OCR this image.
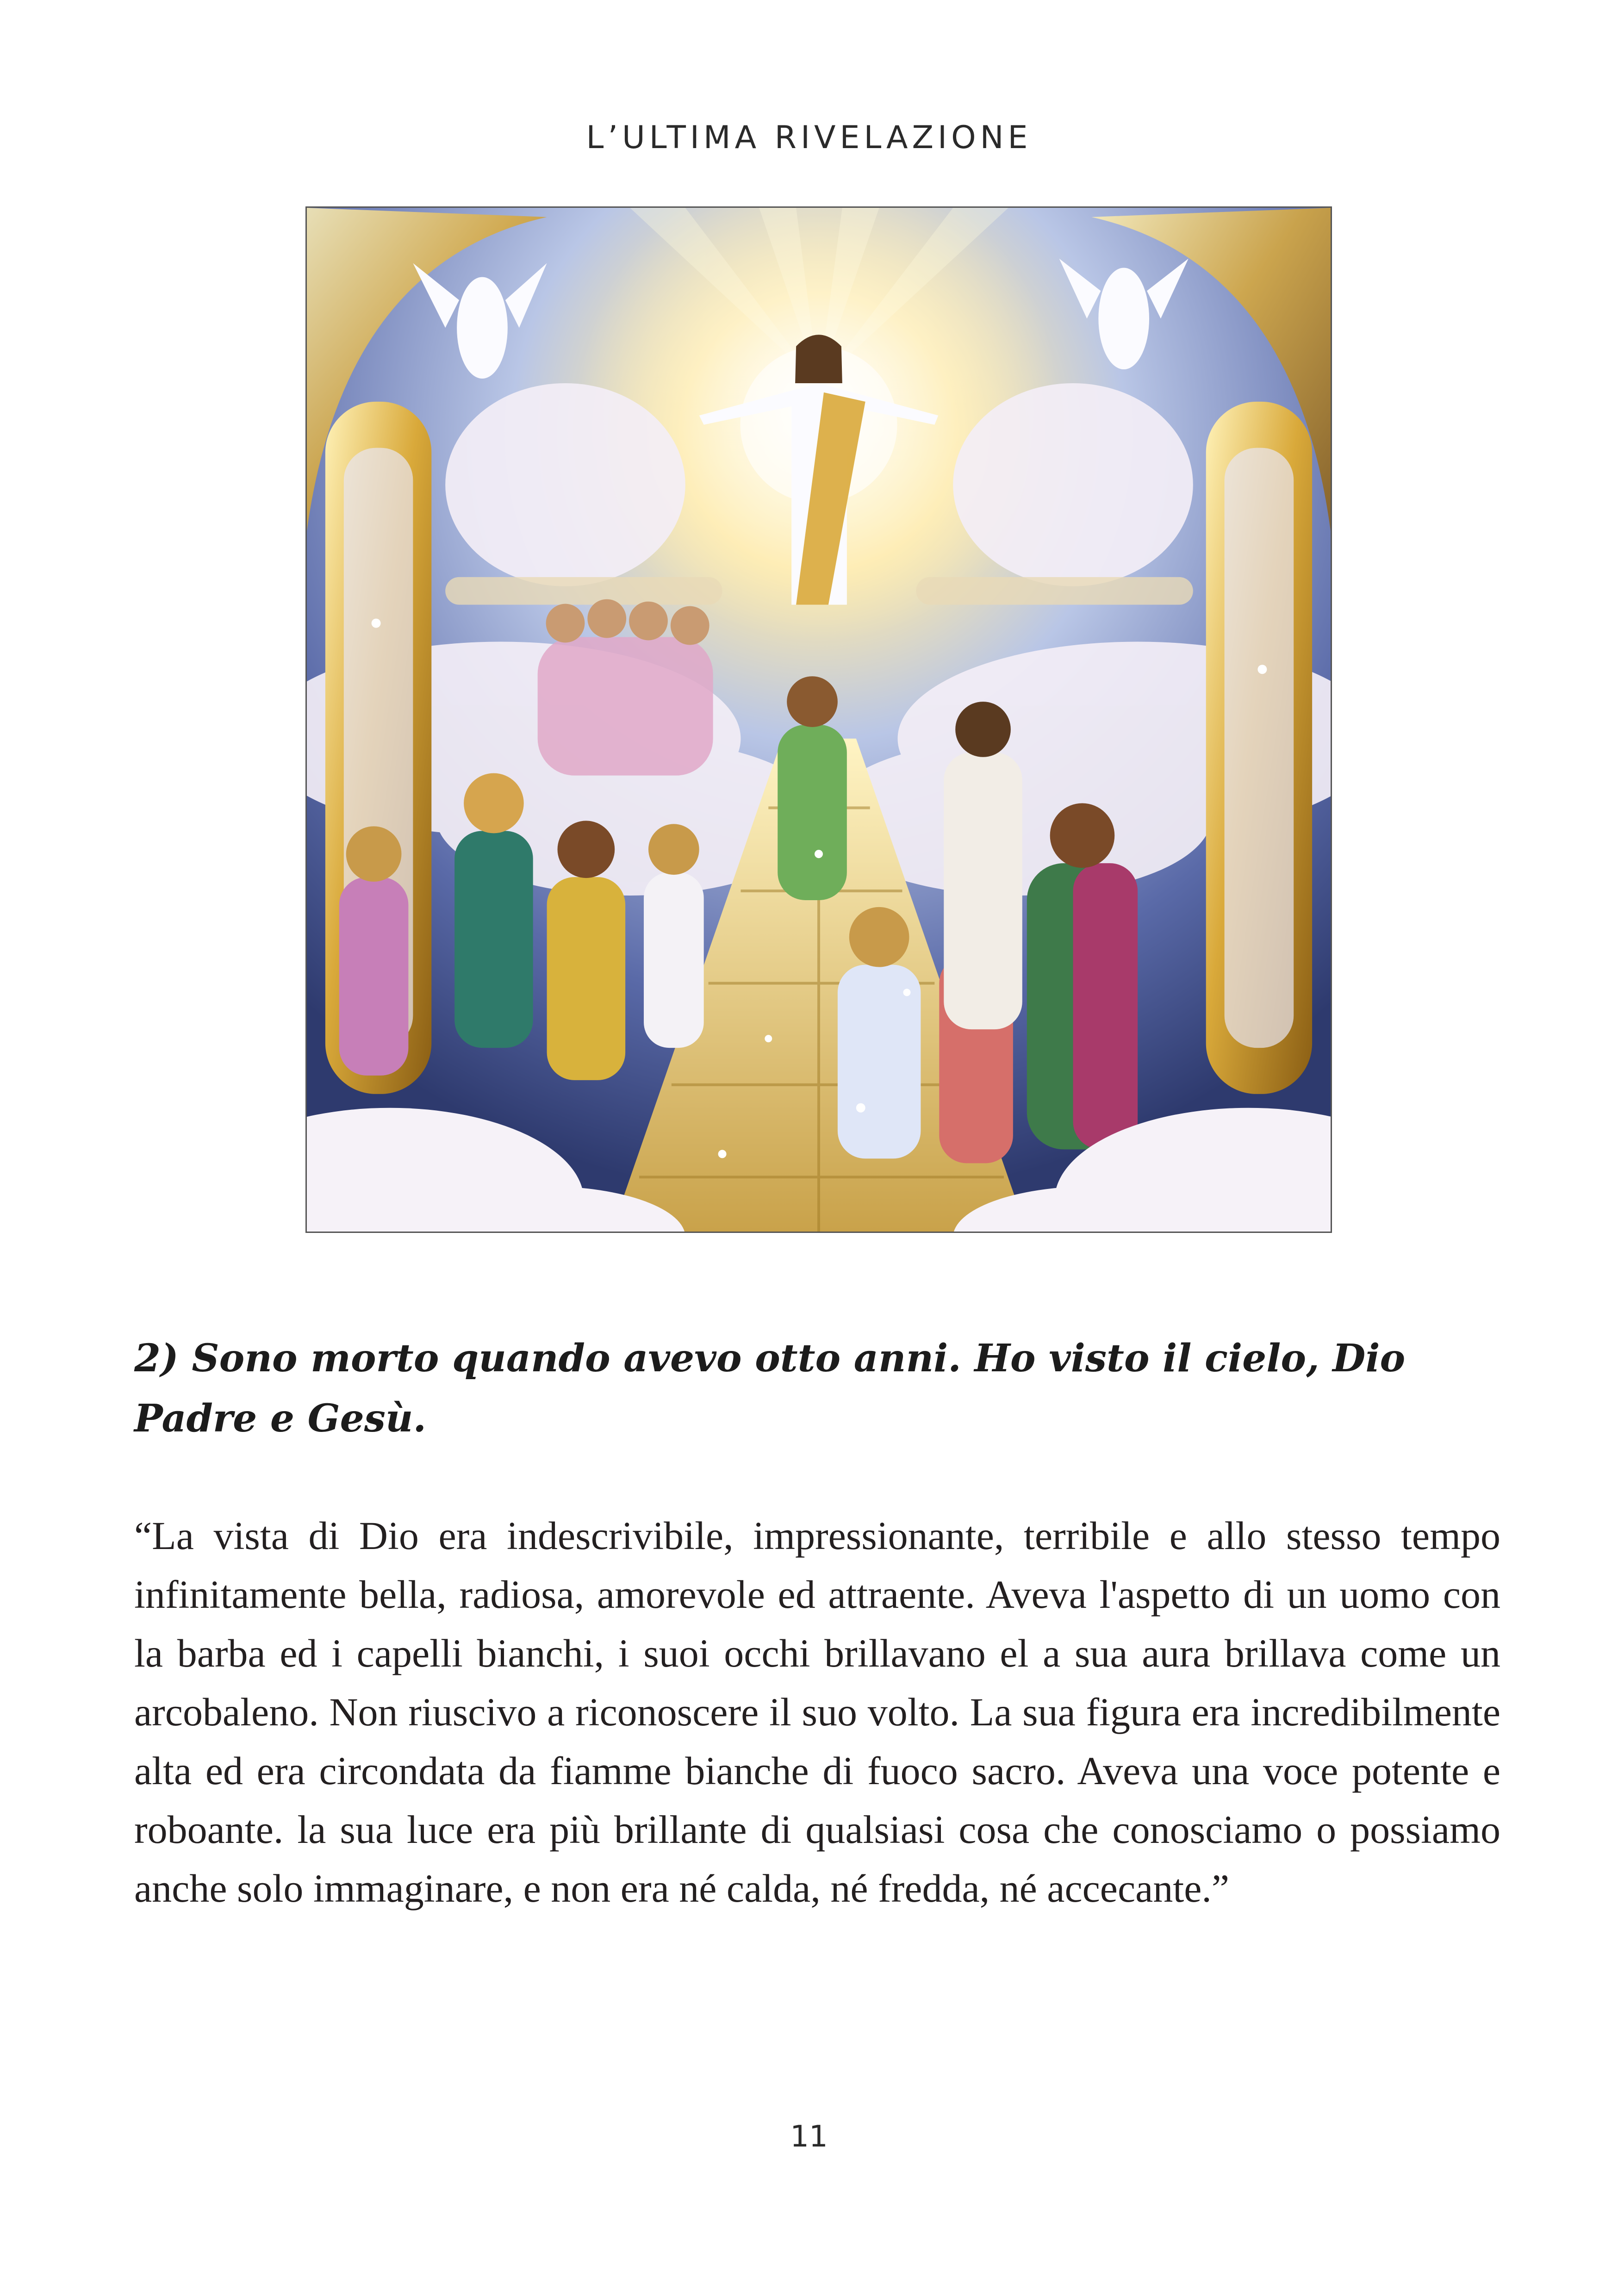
L’ULTIMA RIVELAZIONE
2) Sono morto quando avevo otto anni. Ho visto il cielo, Dio Padre e Gesù.

“La vista di Dio era indescrivibile, impressionante, terribile e allo stesso tempo infinitamente bella, radiosa, amorevole ed attraente. Aveva l'aspetto di un uomo con la barba ed i capelli bianchi, i suoi occhi brillavano el a sua aura brillava come un arcobaleno. Non riuscivo a riconoscere il suo volto. La sua figura era incredibilmente alta ed era circondata da fiamme bianche di fuoco sacro. Aveva una voce potente e roboante. la sua luce era più brillante di qualsiasi cosa che conosciamo o possiamo anche solo immaginare, e non era né calda, né fredda, né accecante.”

11
